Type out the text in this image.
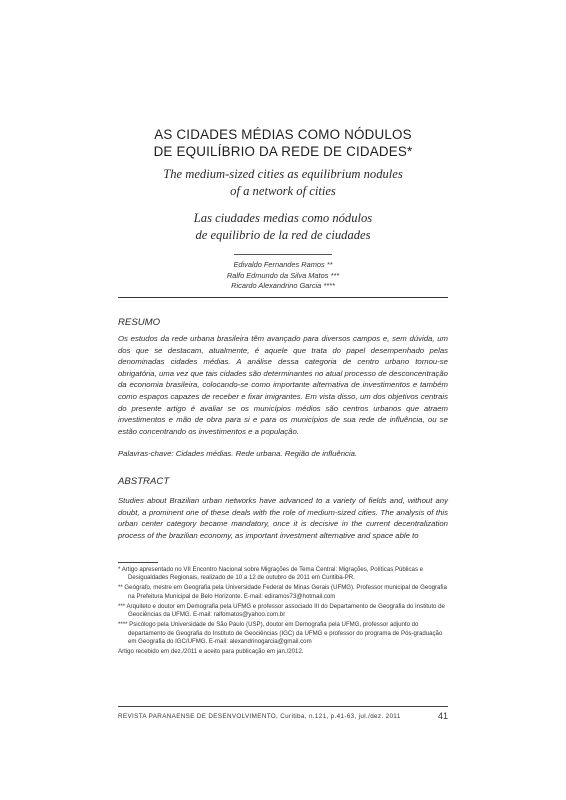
AS CIDADES MÉDIAS COMO NÓDULOS
DE EQUILÍBRIO DA REDE DE CIDADES*
The medium-sized cities as equilibrium nodules
of a network of cities
Las ciudades medias como nódulos
de equilibrio de la red de ciudades
Edivaldo Fernandes Ramos **
Ralfo Edmundo da Silva Matos ***
Ricardo Alexandrino Garcia ****
RESUMO
Os estudos da rede urbana brasileira têm avançado para diversos campos e, sem dúvida, um dos que se destacam, atualmente, é aquele que trata do papel desempenhado pelas denominadas cidades médias. A análise dessa categoria de centro urbano tornou-se obrigatória, uma vez que tais cidades são determinantes no atual processo de desconcentração da economia brasileira, colocando-se como importante alternativa de investimentos e também como espaços capazes de receber e fixar imigrantes. Em vista disso, um dos objetivos centrais do presente artigo é avaliar se os municípios médios são centros urbanos que atraem investimentos e mão de obra para si e para os municípios de sua rede de influência, ou se estão concentrando os investimentos e a população.
Palavras-chave: Cidades médias. Rede urbana. Região de influência.
ABSTRACT
Studies about Brazilian urban networks have advanced to a variety of fields and, without any doubt, a prominent one of these deals with the role of medium-sized cities. The analysis of this urban center category became mandatory, once it is decisive in the current decentralization process of the brazilian economy, as important investment alternative and space able to
* Artigo apresentado no VII Encontro Nacional sobre Migrações de Tema Central: Migrações, Políticas Públicas e Desigualdades Regionais, realizado de 10 a 12 de outubro de 2011 em Curitiba-PR.
** Geógrafo, mestre em Geografia pela Universidade Federal de Minas Gerais (UFMG). Professor municipal de Geografia na Prefeitura Municipal de Belo Horizonte. E-mail: ediramos73@hotmail.com
*** Arquiteto e doutor em Demografia pela UFMG e professor associado III do Departamento de Geografia do Instituto de Geociências da UFMG. E-mail: ralfomatos@yahoo.com.br
**** Psicólogo pela Universidade de São Paulo (USP), doutor em Demografia pela UFMG, professor adjunto do departamento de Geografia do Instituto de Geociências (IGC) da UFMG e professor do programa de Pós-graduação em Geografia do IGC/UFMG. E-mail: alexandrinogarcia@gmail.com
Artigo recebido em dez./2011 e aceito para publicação em jan./2012.
REVISTA PARANAENSE DE DESENVOLVIMENTO, Curitiba, n.121, p.41-63, jul./dez. 2011	41
